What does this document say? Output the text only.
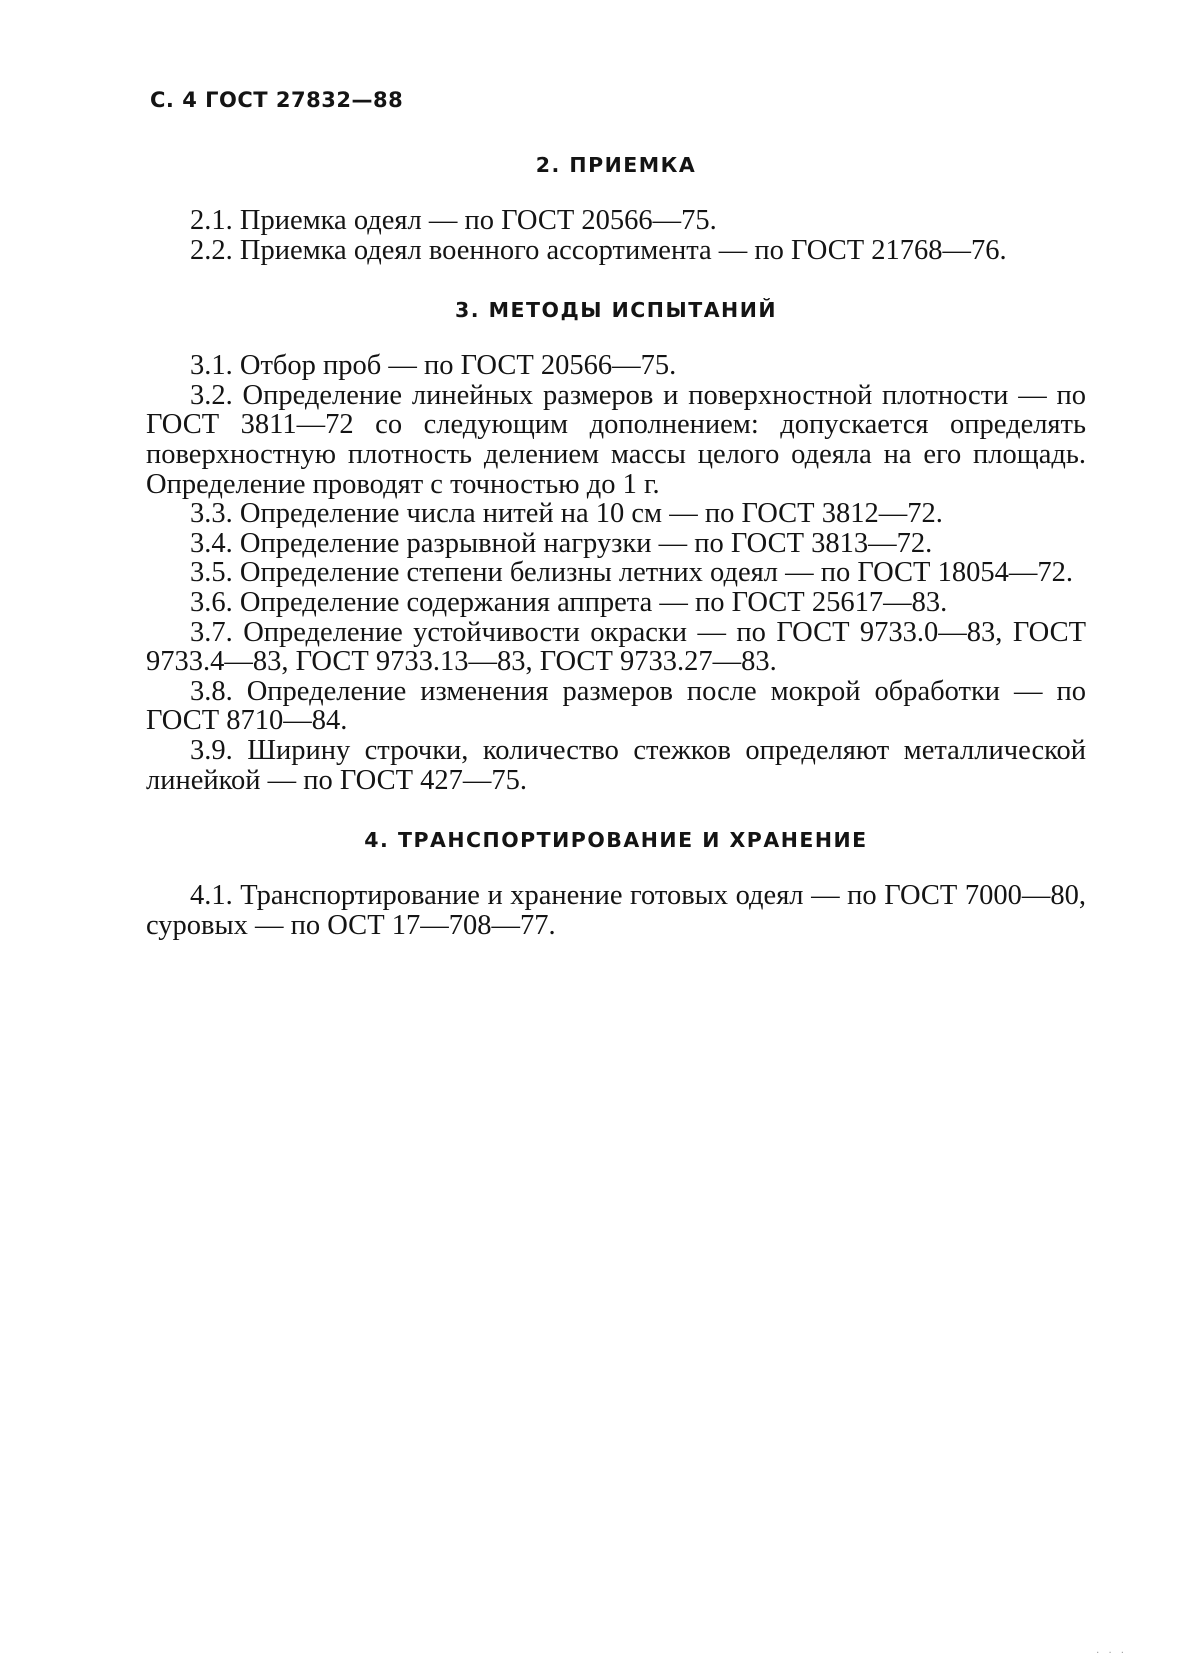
С. 4 ГОСТ 27832—88

2. ПРИЕМКА

2.1. Приемка одеял — по ГОСТ 20566—75.

2.2. Приемка одеял военного ассортимента — по ГОСТ 21768—76.

3. МЕТОДЫ ИСПЫТАНИЙ

3.1. Отбор проб — по ГОСТ 20566—75.

3.2. Определение линейных размеров и поверхностной плотности — по ГОСТ 3811—72 со следующим дополнением: допускается определять поверхностную плотность делением массы целого одеяла на его площадь. Определение проводят с точностью до 1 г.

3.3. Определение числа нитей на 10 см — по ГОСТ 3812—72.

3.4. Определение разрывной нагрузки — по ГОСТ 3813—72.

3.5. Определение степени белизны летних одеял — по ГОСТ 18054—72.

3.6. Определение содержания аппрета — по ГОСТ 25617—83.

3.7. Определение устойчивости окраски — по ГОСТ 9733.0—83, ГОСТ 9733.4—83, ГОСТ 9733.13—83, ГОСТ 9733.27—83.

3.8. Определение изменения размеров после мокрой обработки — по ГОСТ 8710—84.

3.9. Ширину строчки, количество стежков определяют металлической линейкой — по ГОСТ 427—75.

4. ТРАНСПОРТИРОВАНИЕ И ХРАНЕНИЕ

4.1. Транспортирование и хранение готовых одеял — по ГОСТ 7000—80, суровых — по ОСТ 17—708—77.

· · ·
